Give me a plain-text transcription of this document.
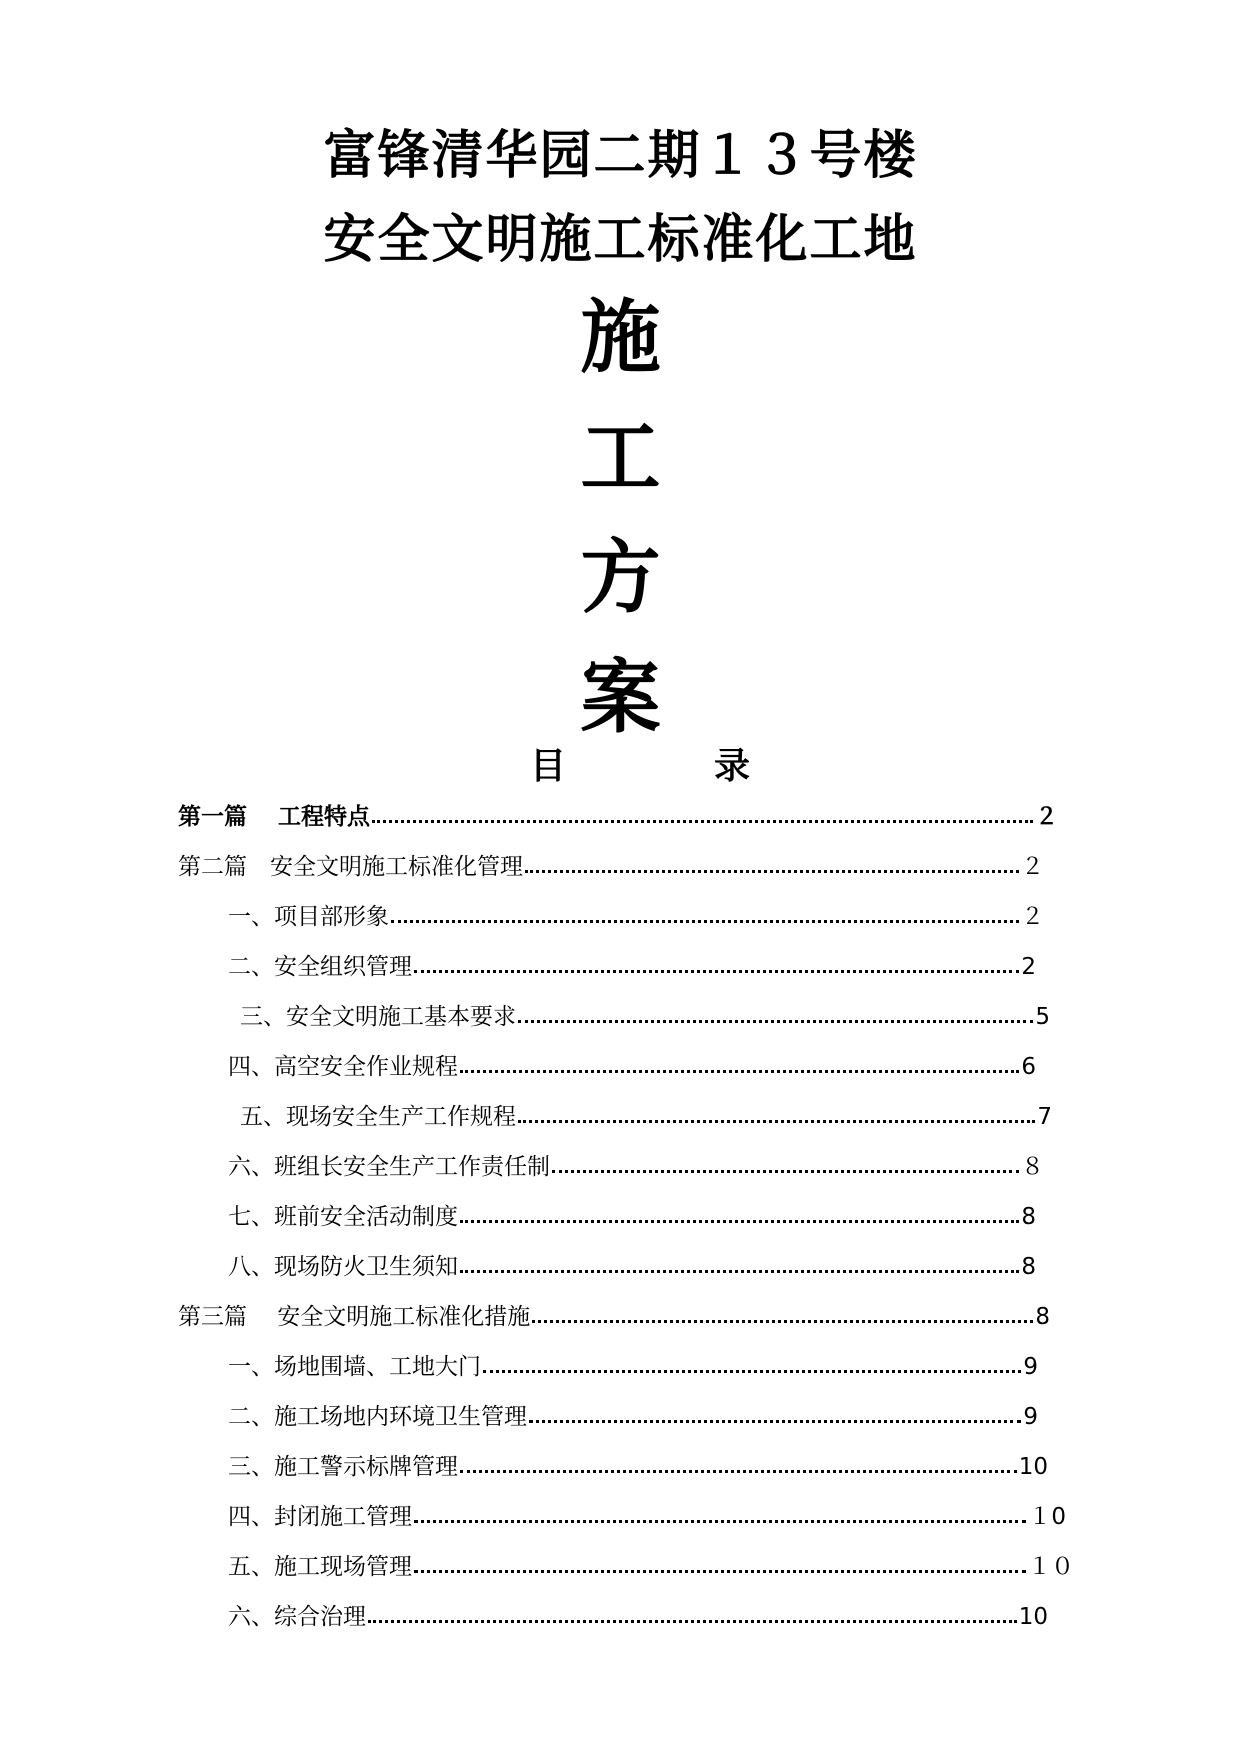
富锋清华园二期１３号楼
安全文明施工标准化工地
施
工
方
案
目	录
第一篇　 工程特点	２
第二篇　安全文明施工标准化管理	２
一、项目部形象	２
二、安全组织管理	2
三、安全文明施工基本要求	5
四、高空安全作业规程	6
五、现场安全生产工作规程	7
六、班组长安全生产工作责任制	８
七、班前安全活动制度	8
八、现场防火卫生须知	8
第三篇　 安全文明施工标准化措施	8
一、场地围墙、工地大门	9
二、施工场地内环境卫生管理	9
三、施工警示标牌管理	10
四、封闭施工管理	１0
五、施工现场管理	１０
六、综合治理	10
